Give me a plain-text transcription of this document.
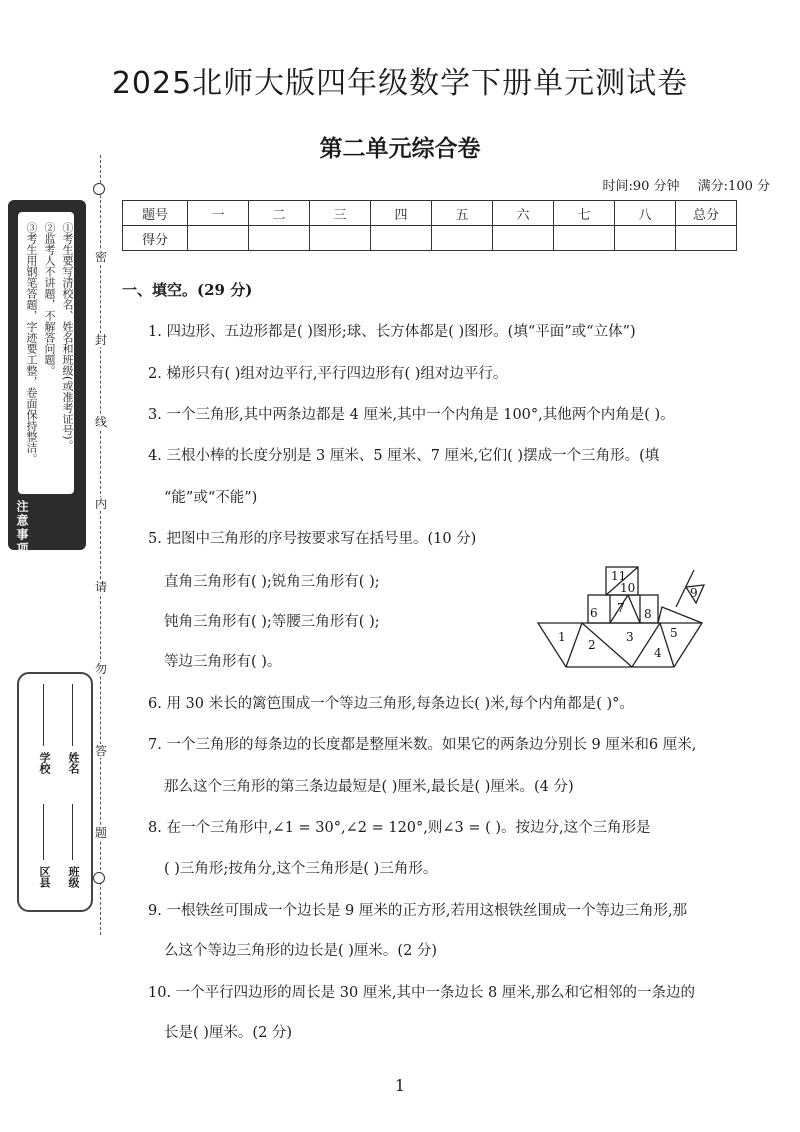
2025北师大版四年级数学下册单元测试卷
第二单元综合卷
时间:90 分钟 满分:100 分
题号	一	二	三	四	五	六	七	八	总分
得分									
密
封
线
内
请
勿
答
题
①考生要写清校名、姓名和班级(或准考证号)。
②监考人不讲题，不解答问题。
③考生用钢笔答题，字迹要工整，卷面保持整洁。
注意事项
学校 姓名
区县 班级
一、填空。(29 分)
1. 四边形、五边形都是( )图形;球、长方体都是( )图形。(填“平面”或“立体”)
2. 梯形只有( )组对边平行,平行四边形有( )组对边平行。
3. 一个三角形,其中两条边都是 4 厘米,其中一个内角是 100°,其他两个内角是( )。
4. 三根小棒的长度分别是 3 厘米、5 厘米、7 厘米,它们( )摆成一个三角形。(填
“能”或“不能”)
5. 把图中三角形的序号按要求写在括号里。(10 分)
直角三角形有( );锐角三角形有( );
钝角三角形有( );等腰三角形有( );
等边三角形有( )。
6. 用 30 米长的篱笆围成一个等边三角形,每条边长( )米,每个内角都是( )°。
7. 一个三角形的每条边的长度都是整厘米数。如果它的两条边分别长 9 厘米和6 厘米,
那么这个三角形的第三条边最短是( )厘米,最长是( )厘米。(4 分)
8. 在一个三角形中,∠1 = 30°,∠2 = 120°,则∠3 = ( )。按边分,这个三角形是
( )三角形;按角分,这个三角形是( )三角形。
9. 一根铁丝可围成一个边长是 9 厘米的正方形,若用这根铁丝围成一个等边三角形,那
么这个等边三角形的边长是( )厘米。(2 分)
10. 一个平行四边形的周长是 30 厘米,其中一条边长 8 厘米,那么和它相邻的一条边的
长是( )厘米。(2 分)
11
10
6 7 8
9
1
2
3
4
5
1
